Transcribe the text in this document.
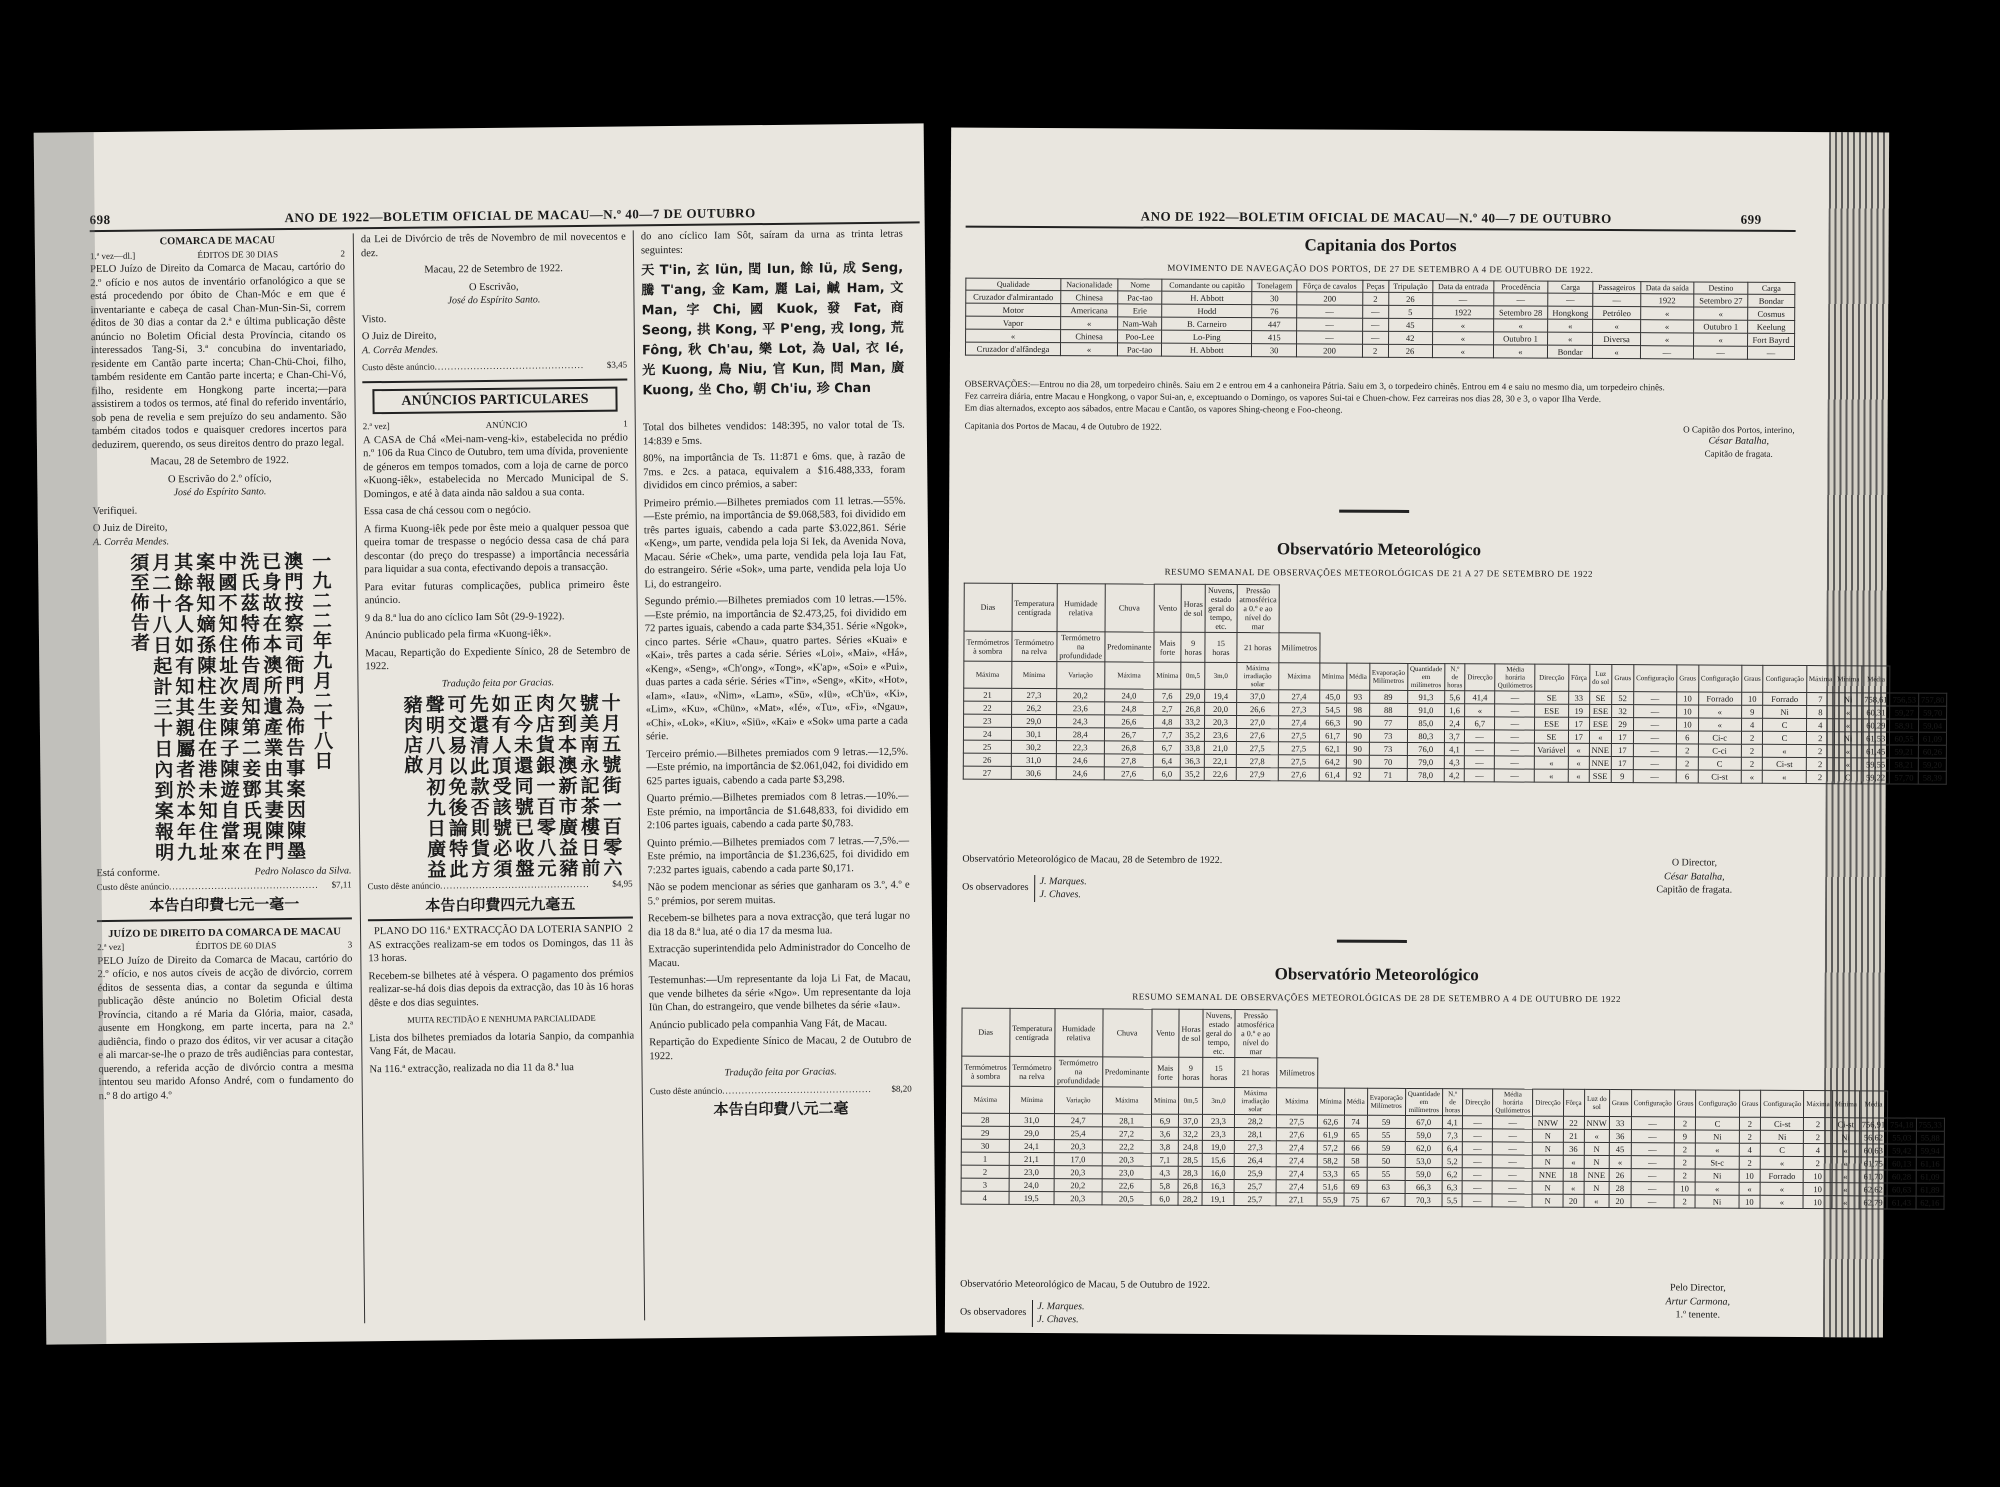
698	ANO DE 1922—BOLETIM OFICIAL DE MACAU—N.º 40—7 DE OUTUBRO
COMARCA DE MACAU
1.ª vez—dl.]	ÉDITOS DE 30 DIAS	2

PELO Juízo de Direito da Comarca de Macau, cartório do 2.º ofício e nos autos de inventário orfanológico a que se está procedendo por óbito de Chan-Móc e em que é inventariante e cabeça de casal Chan-Mun-Sin-Si, correm éditos de 30 dias a contar da 2.ª e última publicação dêste anúncio no Boletim Oficial desta Província, citando os interessados Tang-Si, 3.ª concubina do inventariado, residente em Cantão parte incerta; Chan-Chü-Choi, filho, também residente em Cantão parte incerta; e Chan-Chi-Vó, filho, residente em Hongkong parte incerta;—para assistirem a todos os termos, até final do referido inventário, sob pena de revelia e sem prejuízo do seu andamento. São também citados todos e quaisquer credores incertos para deduzirem, querendo, os seus direitos dentro do prazo legal.

Macau, 28 de Setembro de 1922.

O Escrivão do 2.º ofício,

José do Espírito Santo.

Verifiquei.

O Juiz de Direito,

A. Corrêa Mendes.

澳門按察司衙門為佈告事案因陳墨已身故在本澳所遺產業由其妻陳門洗氏茲特佈告周知第二妾鄧氏現在中國不知住址次妾陳子陳遊自當來案報知嫡孫陳柱生住在港未知住址其餘各人如有知其親屬者於本年九月二十八日起計三十日內到案報明須至佈告者	一九二二年九月二十八日
Está conforme.	Pedro Nolasco da Silva.
Custo dêste anúncio ..............................................	$7,11
本告白印費七元一毫一
JUÍZO DE DIREITO DA COMARCA DE MACAU
2.ª vez]	ÉDITOS DE 60 DIAS	3

PELO Juízo de Direito da Comarca de Macau, cartório do 2.º ofício, e nos autos cíveis de acção de divórcio, correm éditos de sessenta dias, a contar da segunda e última publicação dêste anúncio no Boletim Oficial desta Província, citando a ré Maria da Glória, maior, casada, ausente em Hongkong, em parte incerta, para na 2.ª audiência, findo o prazo dos éditos, vir ver acusar a citação e ali marcar-se-lhe o prazo de três audiências para contestar, querendo, a referida acção de divórcio contra a mesma intentou seu marido Afonso André, com o fundamento do n.º 8 do artigo 4.º

da Lei de Divórcio de três de Novembro de mil novecentos e dez.

Macau, 22 de Setembro de 1922.

O Escrivão,

José do Espírito Santo.

Visto.

O Juiz de Direito,

A. Corrêa Mendes.

Custo dêste anúncio ..............................................	$3,45
ANÚNCIOS PARTICULARES
2.ª vez]	ANÚNCIO	1

A CASA de Chá «Mei-nam-veng-ki», estabelecida no prédio n.º 106 da Rua Cinco de Outubro, tem uma dívida, proveniente de géneros em tempos tomados, com a loja de carne de porco «Kuong-iêk», estabelecida no Mercado Municipal de S. Domingos, e até à data ainda não saldou a sua conta.

Essa casa de chá cessou com o negócio.

A firma Kuong-iêk pede por êste meio a qualquer pessoa que queira tomar de trespasse o negócio dessa casa de chá para descontar (do preço do trespasse) a importância necessária para liquidar a sua conta, efectivando depois a transacção.

Para evitar futuras complicações, publica primeiro êste anúncio.

9 da 8.ª lua do ano cíclico Iam Sôt (29-9-1922).

Anúncio publicado pela firma «Kuong-iêk».

Macau, Repartição do Expediente Sínico, 28 de Setembro de 1922.

Tradução feita por Gracias.

十月五號街一百零六號美南永記茶樓日前欠到本澳新市廣益豬肉店貨銀一百零八元正今未還同號已收盤如有人頂受該號必須先還清此款否則貨方可交易以免後論特此聲明八月初九日廣益豬肉店啟
Custo dêste anúncio ..............................................	$4,95
本告白印費四元九毫五
PLANO DO 116.ª EXTRACÇÃO DA LOTERIA SANPIO 2

AS extracções realizam-se em todos os Domingos, das 11 às 13 horas.

Recebem-se bilhetes até à véspera. O pagamento dos prémios realizar-se-há dois dias depois da extracção, das 10 às 16 horas dêste e dos dias seguintes.

MUITA RECTIDÃO E NENHUMA PARCIALIDADE

Lista dos bilhetes premiados da lotaria Sanpio, da companhia Vang Fát, de Macau.

Na 116.ª extracção, realizada no dia 11 da 8.ª lua

do ano cíclico Iam Sôt, saíram da urna as trinta letras seguintes:

天 T'in, 玄 Iün, 閏 Iun, 餘 Iü, 成 Seng, 騰 T'ang, 金 Kam, 麗 Lai, 鹹 Ham, 文 Man, 字 Chi, 國 Kuok, 發 Fat, 商 Seong, 拱 Kong, 平 P'eng, 戎 Iong, 荒 Fông, 秋 Ch'au, 樂 Lot, 為 Ual, 衣 Ié, 光 Kuong, 鳥 Niu, 官 Kun, 問 Man, 廣 Kuong, 坐 Cho, 朝 Ch'iu, 珍 Chan

Total dos bilhetes vendidos: 148:395, no valor total de Ts. 14:839 e 5ms.

80%, na importância de Ts. 11:871 e 6ms. que, à razão de 7ms. e 2cs. a pataca, equivalem a $16.488,333, foram divididos em cinco prémios, a saber:

Primeiro prémio.—Bilhetes premiados com 11 letras.—55%.—Este prémio, na importância de $9.068,583, foi dividido em três partes iguais, cabendo a cada parte $3.022,861. Série «Keng», um parte, vendida pela loja Si Iek, da Avenida Nova, Macau. Série «Chek», uma parte, vendida pela loja Iau Fat, do estrangeiro. Série «Sok», uma parte, vendida pela loja Uo Li, do estrangeiro.

Segundo prémio.—Bilhetes premiados com 10 letras.—15%.—Este prémio, na importância de $2.473,25, foi dividido em 72 partes iguais, cabendo a cada parte $34,351. Série «Ngok», cinco partes. Série «Chau», quatro partes. Séries «Kuai» e «Kai», três partes a cada série. Séries «Loi», «Mai», «Há», «Keng», «Seng», «Ch'ong», «Tong», «K'ap», «Soi» e «Pui», duas partes a cada série. Séries «T'in», «Seng», «Kit», «Hot», «Iam», «Iau», «Nim», «Lam», «Sü», «Iü», «Ch'ü», «Ki», «Lim», «Ku», «Chün», «Mat», «Ié», «Tu», «Fi», «Ngau», «Chi», «Lok», «Kiu», «Siü», «Kai» e «Sok» uma parte a cada série.

Terceiro prémio.—Bilhetes premiados com 9 letras.—12,5%.—Este prémio, na importância de $2.061,042, foi dividido em 625 partes iguais, cabendo a cada parte $3,298.

Quarto prémio.—Bilhetes premiados com 8 letras.—10%.—Este prémio, na importância de $1.648,833, foi dividido em 2:106 partes iguais, cabendo a cada parte $0,783.

Quinto prémio.—Bilhetes premiados com 7 letras.—7,5%.—Este prémio, na importância de $1.236,625, foi dividido em 7:232 partes iguais, cabendo a cada parte $0,171.

Não se podem mencionar as séries que ganharam os 3.º, 4.º e 5.º prémios, por serem muitas.

Recebem-se bilhetes para a nova extracção, que terá lugar no dia 18 da 8.ª lua, até o dia 17 da mesma lua.

Extracção superintendida pelo Administrador do Concelho de Macau.

Testemunhas:—Um representante da loja Li Fat, de Macau, que vende bilhetes da série «Ngo». Um representante da loja Iün Chan, do estrangeiro, que vende bilhetes da série «Iau».

Anúncio publicado pela companhia Vang Fát, de Macau.

Repartição do Expediente Sínico de Macau, 2 de Outubro de 1922.

Tradução feita por Gracias.

Custo dêste anúncio ..............................................	$8,20
本告白印費八元二毫
ANO DE 1922—BOLETIM OFICIAL DE MACAU—N.º 40—7 DE OUTUBRO	699
Capitania dos Portos
MOVIMENTO DE NAVEGAÇÃO DOS PORTOS, DE 27 DE SETEMBRO A 4 DE OUTUBRO DE 1922.
Qualidade	Nacionalidade	Nome	Comandante ou capitão	Tonelagem	Fôrça de cavalos	Peças	Tripulação	Data da entrada	Procedência	Carga	Passageiros	Data da saída	Destino	Carga
Cruzador d'almirantado	Chinesa	Pac-tao	H. Abbott	30	200	2	26	—	—	—	—	1922	Setembro 27	Bondar
Motor	Americana	Erie	Hodd	76	—	—	5	1922	Setembro 28	Hongkong	Petróleo	«	«	Cosmus
Vapor	«	Nam-Wah	B. Carneiro	447	—	—	45	«	«	«	«	«	Outubro 1	Keelung
«	Chinesa	Poo-Lee	Lo-Ping	415	—	—	42	«	Outubro 1	«	Diversa	«	«	Fort Bayrd
Cruzador d'alfândega	«	Pac-tao	H. Abbott	30	200	2	26	«	«	Bondar	«	—	—	—

OBSERVAÇÕES:—Entrou no dia 28, um torpedeiro chinês. Saiu em 2 e entrou em 4 a canhoneira Pátria. Saiu em 3, o torpedeiro chinês. Entrou em 4 e saiu no mesmo dia, um torpedeiro chinês.

Fez carreira diária, entre Macau e Hongkong, o vapor Sui-an, e, exceptuando o Domingo, os vapores Sui-tai e Chuen-chow. Fez carreiras nos dias 28, 30 e 3, o vapor Ilha Verde.

Em dias alternados, excepto aos sábados, entre Macau e Cantão, os vapores Shing-cheong e Foo-cheong.

Capitania dos Portos de Macau, 4 de Outubro de 1922.	O Capitão dos Portos, interino,
César Batalha,
Capitão de fragata.
Observatório Meteorológico
RESUMO SEMANAL DE OBSERVAÇÕES METEOROLÓGICAS DE 21 A 27 DE SETEMBRO DE 1922
Dias	Temperatura centígrada	Humidade relativa	Chuva	Vento	Horas de sol	Nuvens, estado geral do tempo, etc.	Pressão atmosférica a 0.º e ao nível do mar																						
Termómetros à sombra	Termómetro na relva	Termómetro na profundidade	Predominante	Mais forte	9 horas	15 horas	21 horas	Milímetros																					
Máxima	Mínima	Variação	Máxima	Mínima	0m,5	3m,0	Máxima irradiação solar	Máxima	Mínima	Média	Evaporação Milímetros	Quantidade em milímetros	N.º de horas	Direcção	Média horária Quilómetros	Direcção	Fôrça	Luz do sol	Graus	Configuração	Graus	Configuração	Graus	Configuração	Máxima	Mínima	Média		
21	27,3	20,2	24,0	7,6	29,0	19,4	37,0	27,4	45,0	93	89	91,3	5,6	41,4	—	SE	33	SE	52	—	10	Forrado	10	Forrado	7	Ni	758,61	756,53	757,80
22	26,2	23,6	24,8	2,7	26,8	20,0	26,6	27,3	54,5	98	88	91,0	1,6	«	—	ESE	19	ESE	32	—	10	«	9	Ni	8	«	60,31	59,27	59,70
23	29,0	24,3	26,6	4,8	33,2	20,3	27,0	27,4	66,3	90	77	85,0	2,4	6,7	—	ESE	17	ESE	29	—	10	«	4	C	4	«	60,29	58,91	59,04
24	30,1	28,4	26,7	7,7	35,2	23,6	27,6	27,5	61,7	90	73	80,3	3,7	—	—	SE	17	«	17	—	6	Ci-c	2	C	2	Ni	61,53	60,55	61,09
25	30,2	22,3	26,8	6,7	33,8	21,0	27,5	27,5	62,1	90	73	76,0	4,1	—	—	Variável	«	NNE	17	—	2	C-ci	2	«	2	«	61,45	59,21	60,26
26	31,0	24,6	27,8	6,4	36,3	22,1	27,8	27,5	64,2	90	70	79,0	4,3	—	—	«	«	NNE	17	—	2	C	2	Ci-st	2	«	59,55	58,21	59,20
27	30,6	24,6	27,6	6,0	35,2	22,6	27,9	27,6	61,4	92	71	78,0	4,2	—	—	«	«	SSE	9	—	6	Ci-st	«	«	2	C	59,22	57,70	58,39
Observatório Meteorológico de Macau, 28 de Setembro de 1922.
Os observadores
J. Marques.
J. Chaves.
O Director,
César Batalha,
Capitão de fragata.
Observatório Meteorológico
RESUMO SEMANAL DE OBSERVAÇÕES METEOROLÓGICAS DE 28 DE SETEMBRO A 4 DE OUTUBRO DE 1922
Dias	Temperatura centígrada	Humidade relativa	Chuva	Vento	Horas de sol	Nuvens, estado geral do tempo, etc.	Pressão atmosférica a 0.º e ao nível do mar																						
Termómetros à sombra	Termómetro na relva	Termómetro na profundidade	Predominante	Mais forte	9 horas	15 horas	21 horas	Milímetros																					
Máxima	Mínima	Variação	Máxima	Mínima	0m,5	3m,0	Máxima irradiação solar	Máxima	Mínima	Média	Evaporação Milímetros	Quantidade em milímetros	N.º de horas	Direcção	Média horária Quilómetros	Direcção	Fôrça	Luz do sol	Graus	Configuração	Graus	Configuração	Graus	Configuração	Máxima	Mínima	Média		
28	31,0	24,7	28,1	6,9	37,0	23,3	28,2	27,5	62,6	74	59	67,0	4,1	—	—	NNW	22	NNW	33	—	2	C	2	Ci-st	2	Ci-st	756,91	754,18	755,33
29	29,0	25,4	27,2	3,6	32,2	23,3	28,1	27,6	61,9	65	55	59,0	7,3	—	—	N	21	«	36	—	9	Ni	2	Ni	2	Ni	56,62	55,03	55,88
30	24,1	20,3	22,2	3,8	24,8	19,0	27,3	27,4	57,2	66	59	62,0	6,4	—	—	N	36	N	45	—	2	«	4	C	4	«	60,63	59,42	59,94
1	21,1	17,0	20,3	7,1	28,5	15,6	26,4	27,4	58,2	58	50	53,0	5,2	—	—	N	«	N	«	—	2	St-c	2	«	2	«	61,75	60,13	61,16
2	23,0	20,3	23,0	4,3	28,3	16,0	25,9	27,4	53,3	65	55	59,0	6,2	—	—	NNE	18	NNE	26	—	2	Ni	10	Forrado	10	«	61,70	60,28	61,09
3	24,0	20,2	22,6	5,8	26,8	16,3	25,7	27,4	51,6	69	63	66,3	6,3	—	—	N	«	N	28	—	10	«	«	«	10	«	62,62	60,63	61,89
4	19,5	20,3	20,5	6,0	28,2	19,1	25,7	27,1	55,9	75	67	70,3	5,5	—	—	N	20	«	20	—	2	Ni	10	«	10	«	62,79	61,43	62,16
Observatório Meteorológico de Macau, 5 de Outubro de 1922.
Os observadores
J. Marques.
J. Chaves.
Pelo Director,
Artur Carmona,
1.º tenente.
